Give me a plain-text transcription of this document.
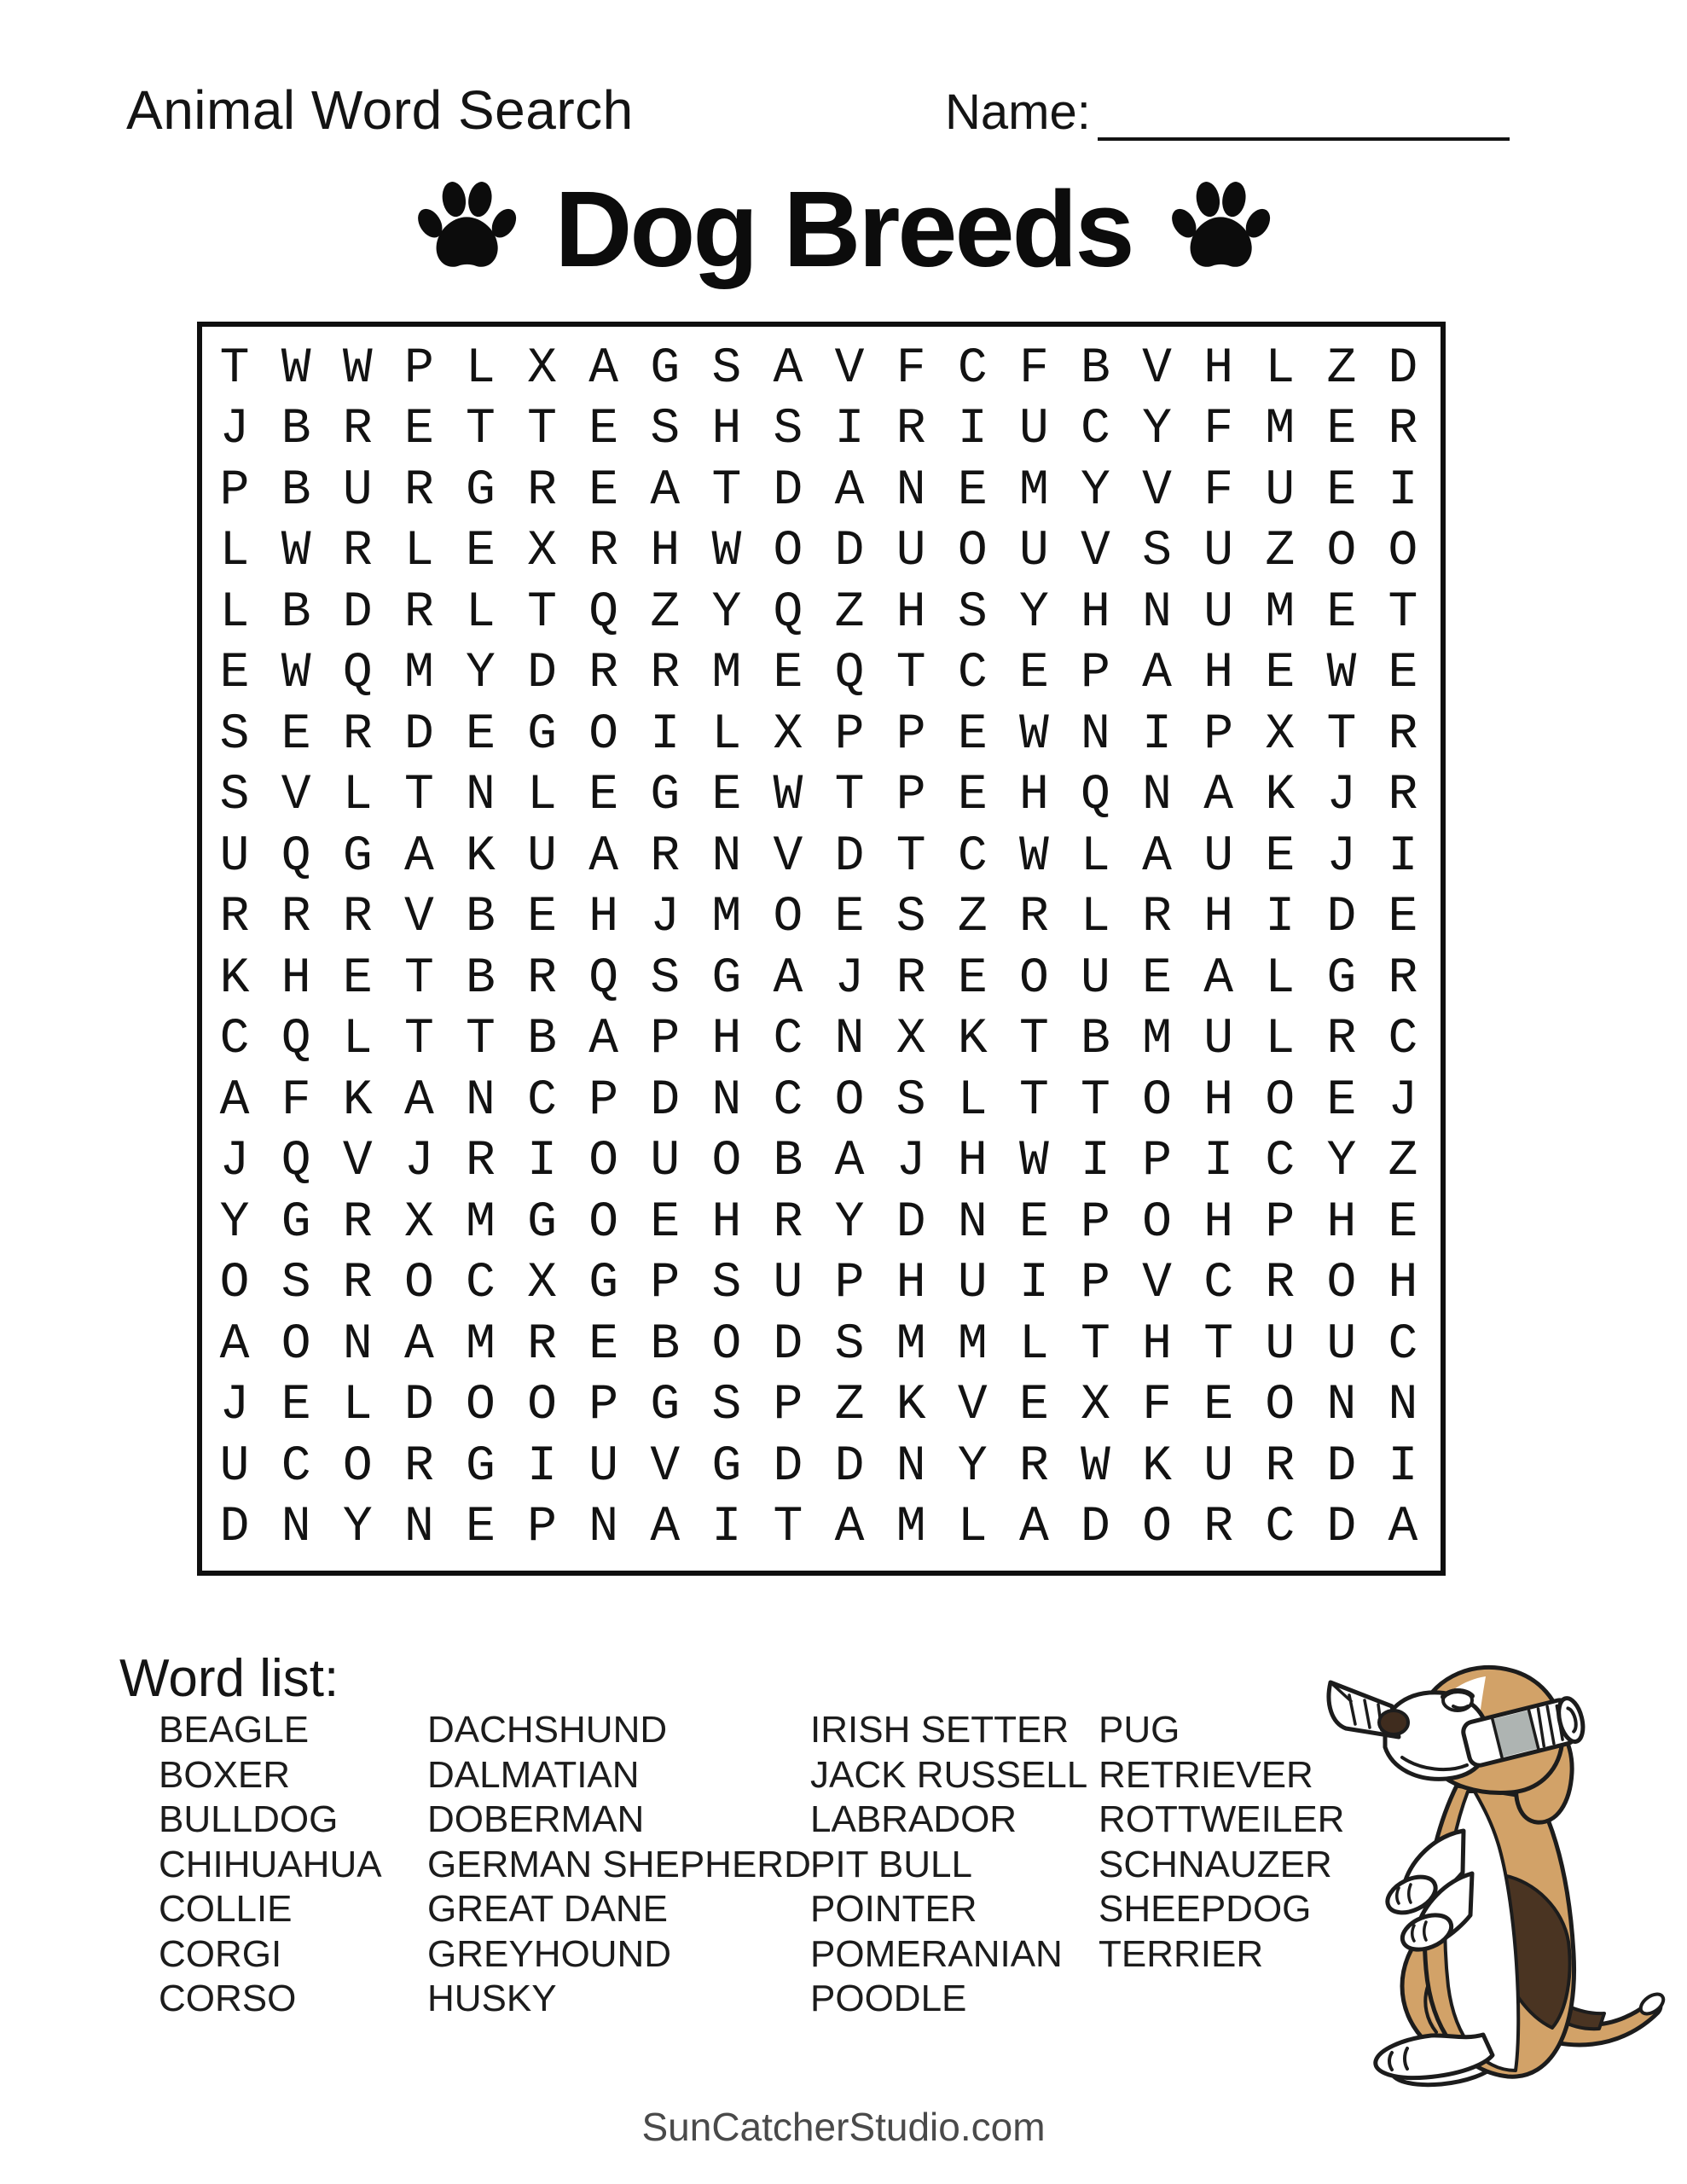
Animal Word Search	Name:
Dog Breeds
T W W P L X A G S A V F C F B V H L Z D
J B R E T T E S H S I R I U C Y F M E R
P B U R G R E A T D A N E M Y V F U E I
L W R L E X R H W O D U O U V S U Z O O
L B D R L T Q Z Y Q Z H S Y H N U M E T
E W Q M Y D R R M E Q T C E P A H E W E
S E R D E G O I L X P P E W N I P X T R
S V L T N L E G E W T P E H Q N A K J R
U Q G A K U A R N V D T C W L A U E J I
R R R V B E H J M O E S Z R L R H I D E
K H E T B R Q S G A J R E O U E A L G R
C Q L T T B A P H C N X K T B M U L R C
A F K A N C P D N C O S L T T O H O E J
J Q V J R I O U O B A J H W I P I C Y Z
Y G R X M G O E H R Y D N E P O H P H E
O S R O C X G P S U P H U I P V C R O H
A O N A M R E B O D S M M L T H T U U C
J E L D O O P G S P Z K V E X F E O N N
U C O R G I U V G D D N Y R W K U R D I
D N Y N E P N A I T A M L A D O R C D A
Word list:
BEAGLE
BOXER
BULLDOG
CHIHUAHUA
COLLIE
CORGI
CORSO
DACHSHUND
DALMATIAN
DOBERMAN
GERMAN SHEPHERD
GREAT DANE
GREYHOUND
HUSKY
IRISH SETTER
JACK RUSSELL
LABRADOR
PIT BULL
POINTER
POMERANIAN
POODLE
PUG
RETRIEVER
ROTTWEILER
SCHNAUZER
SHEEPDOG
TERRIER
SunCatcherStudio.com
